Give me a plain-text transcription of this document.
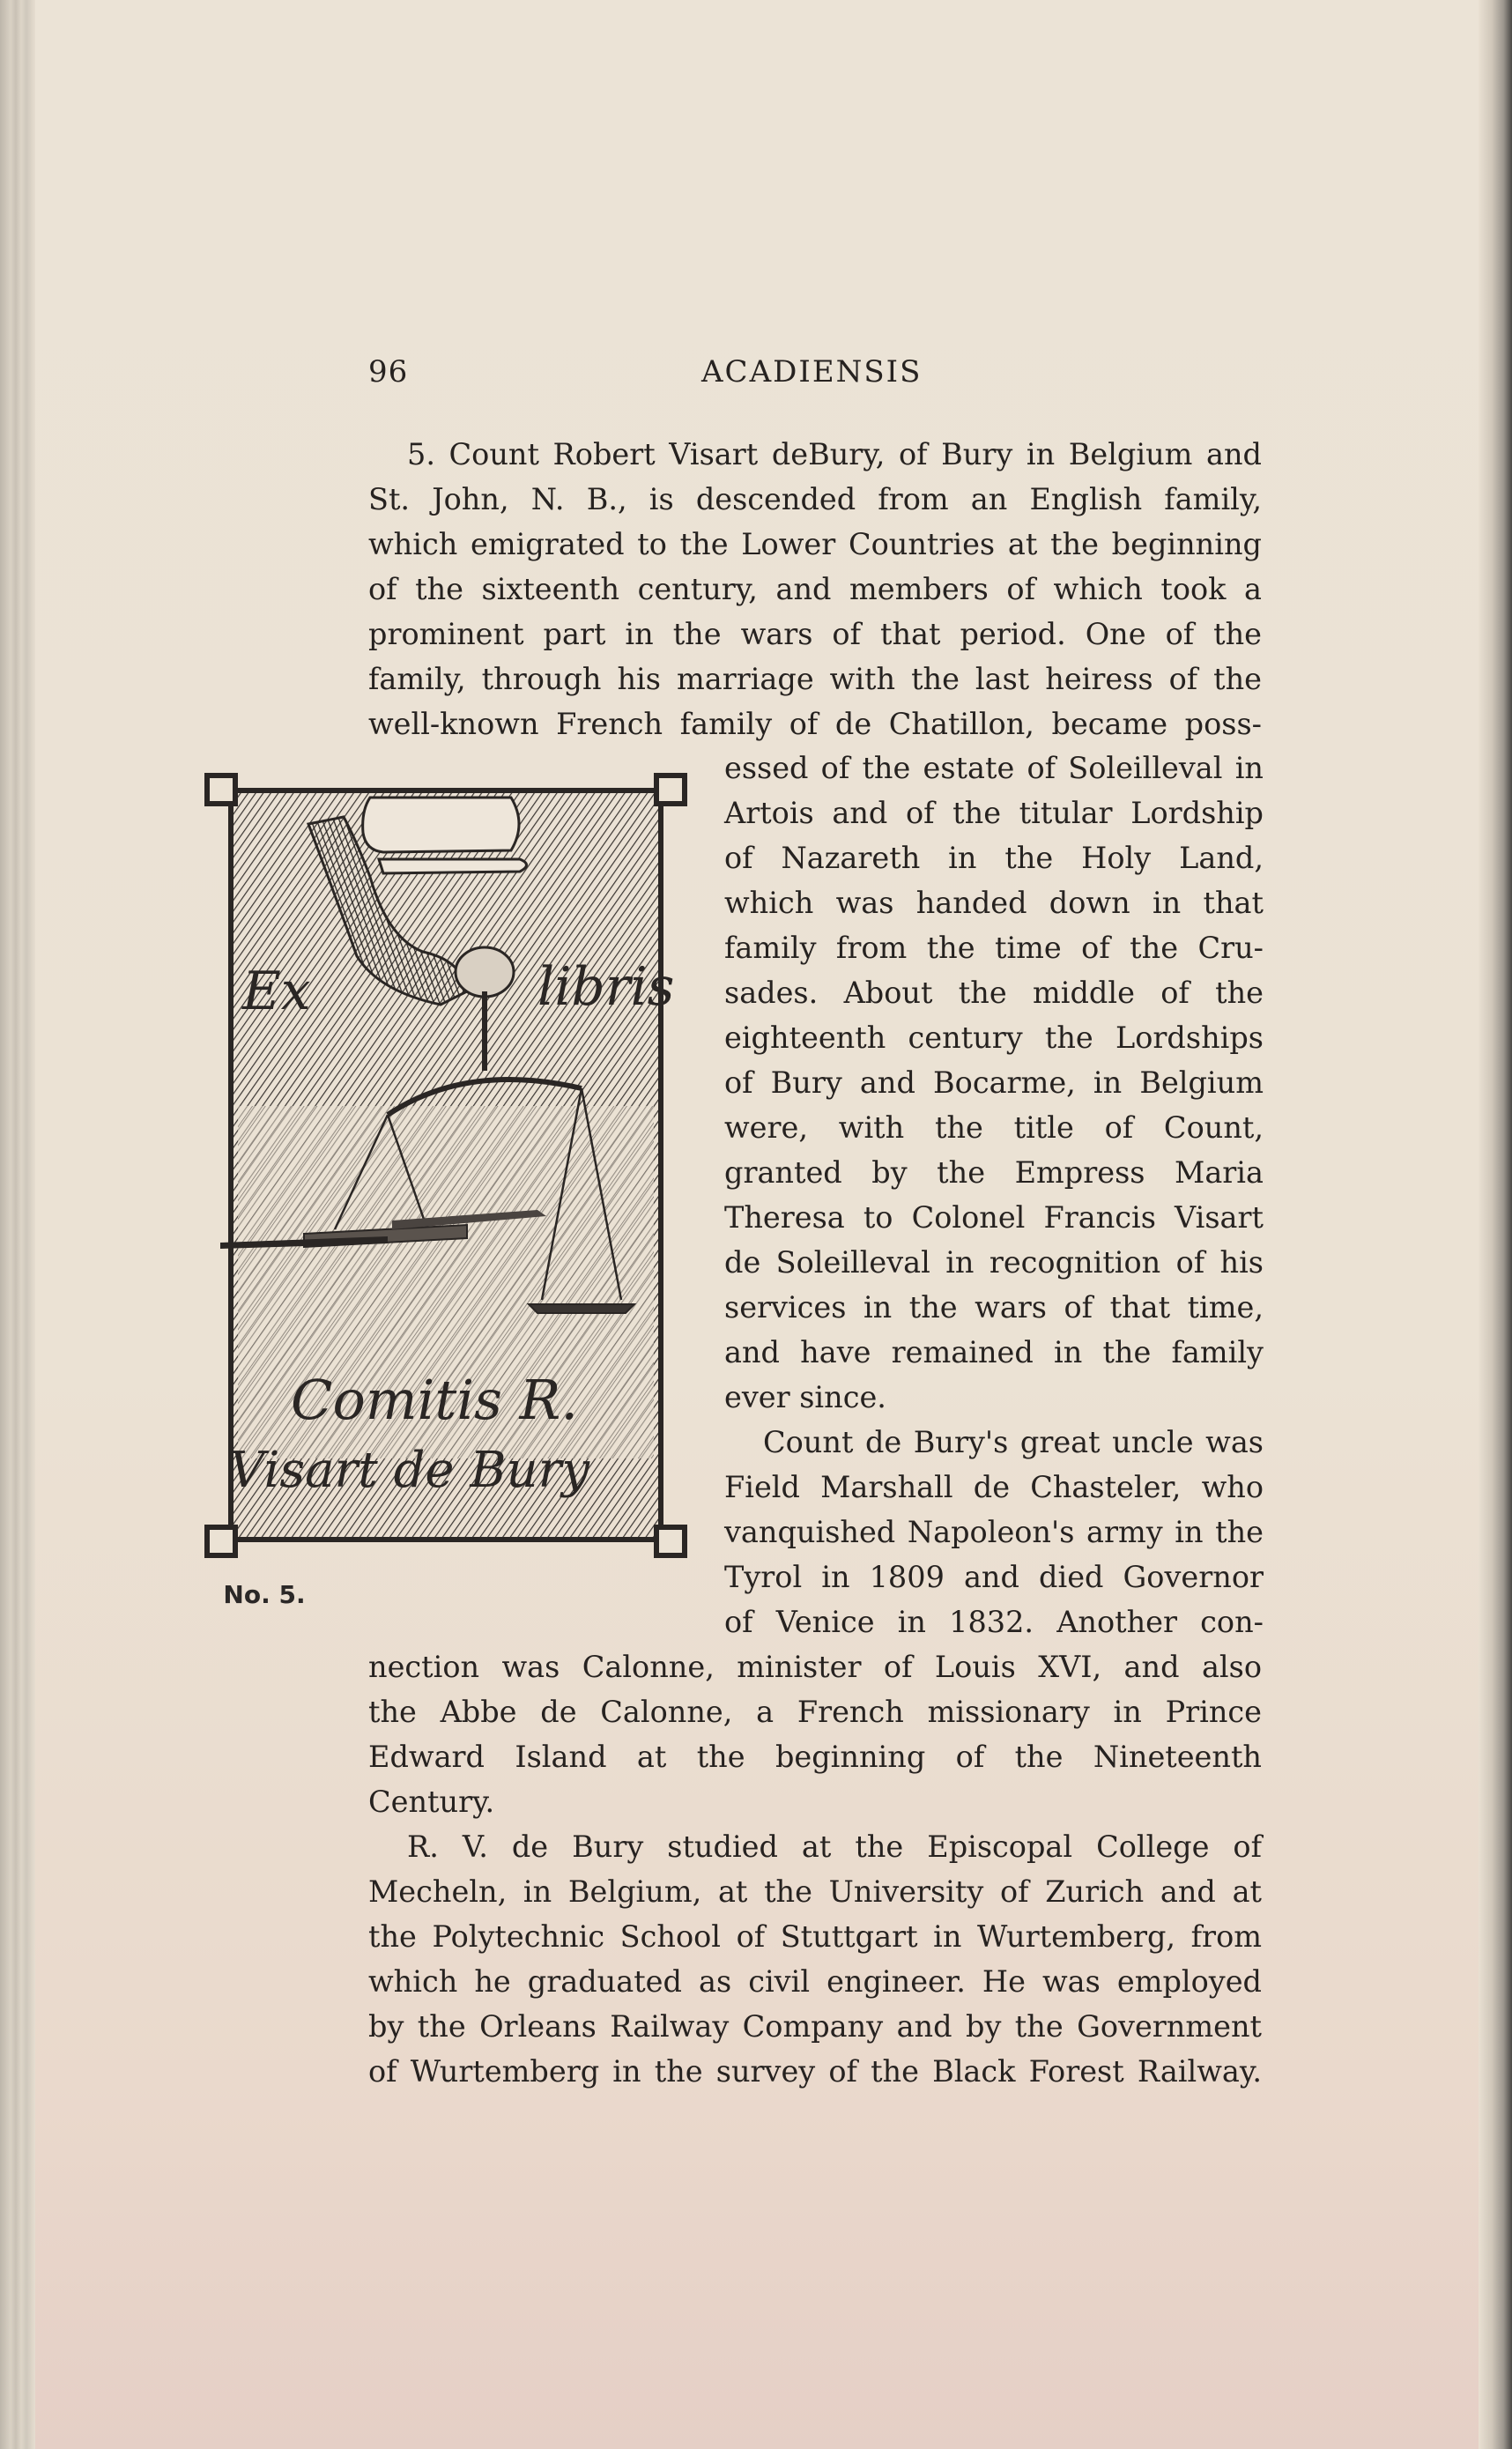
96	ACADIENSIS
5. Count Robert Visart deBury, of Bury in Belgium and
St. John, N. B., is descended from an English family,
which emigrated to the Lower Countries at the beginning
of the sixteenth century, and members of which took a
prominent part in the wars of that period. One of the
family, through his marriage with the last heiress of the
well-known French family of de Chatillon, became poss-
essed of the estate of Soleilleval in
Artois and of the titular Lordship
of Nazareth in the Holy Land,
which was handed down in that
family from the time of the Cru-
sades. About the middle of the
eighteenth century the Lordships
of Bury and Bocarme, in Belgium
were, with the title of Count,
granted by the Empress Maria
Theresa to Colonel Francis Visart
de Soleilleval in recognition of his
services in the wars of that time,
and have remained in the family
ever since.
Count de Bury's great uncle was
Field Marshall de Chasteler, who
vanquished Napoleon's army in the
Tyrol in 1809 and died Governor
of Venice in 1832. Another con-
nection was Calonne, minister of Louis XVI, and also
the Abbe de Calonne, a French missionary in Prince
Edward Island at the beginning of the Nineteenth
Century.
R. V. de Bury studied at the Episcopal College of
Mecheln, in Belgium, at the University of Zurich and at
the Polytechnic School of Stuttgart in Wurtemberg, from
which he graduated as civil engineer. He was employed
by the Orleans Railway Company and by the Government
of Wurtemberg in the survey of the Black Forest Railway.
Ex	libris
Comitis R.
Visart de Bury
No. 5.
